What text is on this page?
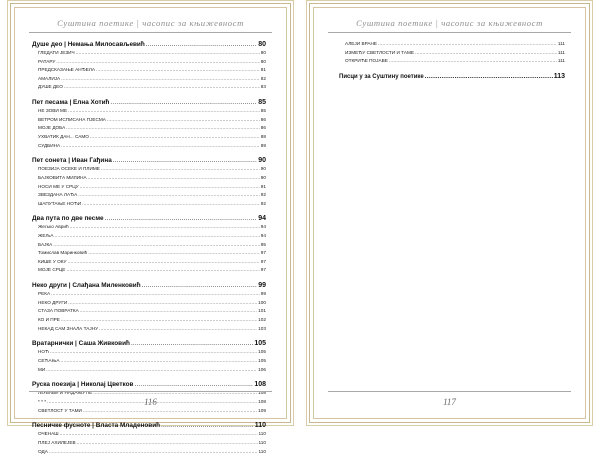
Суштина поетике | часопис за књижевност
Душе део | Немања Милосављевић .....	80
ГЛЕДАТИ ЈЕЗИЧ .....	80
РАТАРУ .....	80
ПРЕДСКАЗАЊЕ АНЂЕЛА .....	81
АМАЛИЈА .....	82
ДУШЕ ДЕО .....	83
Пет песама | Елна Хотић .....	85
НЕ ЗОВИ МЕ .....	85
ВЕТРОМ ИСПИСАНА ПЈЕСМА .....	86
МОЈЕ ДОБА .....	86
УХВАТИК ДАН... САМО .....	88
СУДБИНА .....	89
Пет сонета | Иван Гађина .....	90
ПОЕЗИЈА ОСЕКЕ И ПЛИМЕ .....	90
БАЈКОВИТА МИЛИНА .....	90
НОСИ МЕ У СРЦУ .....	91
ЗВЕЗДАНА ЛАЂА .....	92
ШАПУТАЊЕ НОЋИ .....	92
Два пута по две песме .....	94
Жељко Аврић .....	94
ЖЕЉА .....	94
БАЈКА .....	95
Томислав Маринковић .....	97
КИШЕ У ОКУ .....	97
МОЈЕ СРЦЕ .....	97
Неко други | Слађана Миленковић .....	99
РЕКА .....	99
НЕКО ДРУГИ .....	100
СТАЗА ПОВРАТКА .....	101
КО И ПРЕ .....	102
НЕКАД САМ ЗНАЛА ТАЈНУ .....	103
Вратарнички | Саша Живковић .....	105
НОЋ .....	105
СЕЋАЊА .....	105
МИ .....	106
Руска поезија | Николај Цветков .....	108
ЉУБАВИ И НАДАЊУЋЕ .....	108
* * * .....	108
СВЕТЛОСТ У ТАМИ .....	109
Песничке фусноте | Власта Младеновић .....	110
ОЧЕНАШ .....	110
ПЛЕЈ АХИЛЕЈЕВ .....	110
ОДА .....	110
116
Суштина поетике | часопис за књижевност
АЛЕЈИ ВРАНЕ .....	111
ИЗМЕЂУ СВЕТЛОСТИ И ТАМЕ .....	111
ОТКРИЋЕ ПОЈАВЕ .....	111
Писци у за Суштину поетике .....	113
117
